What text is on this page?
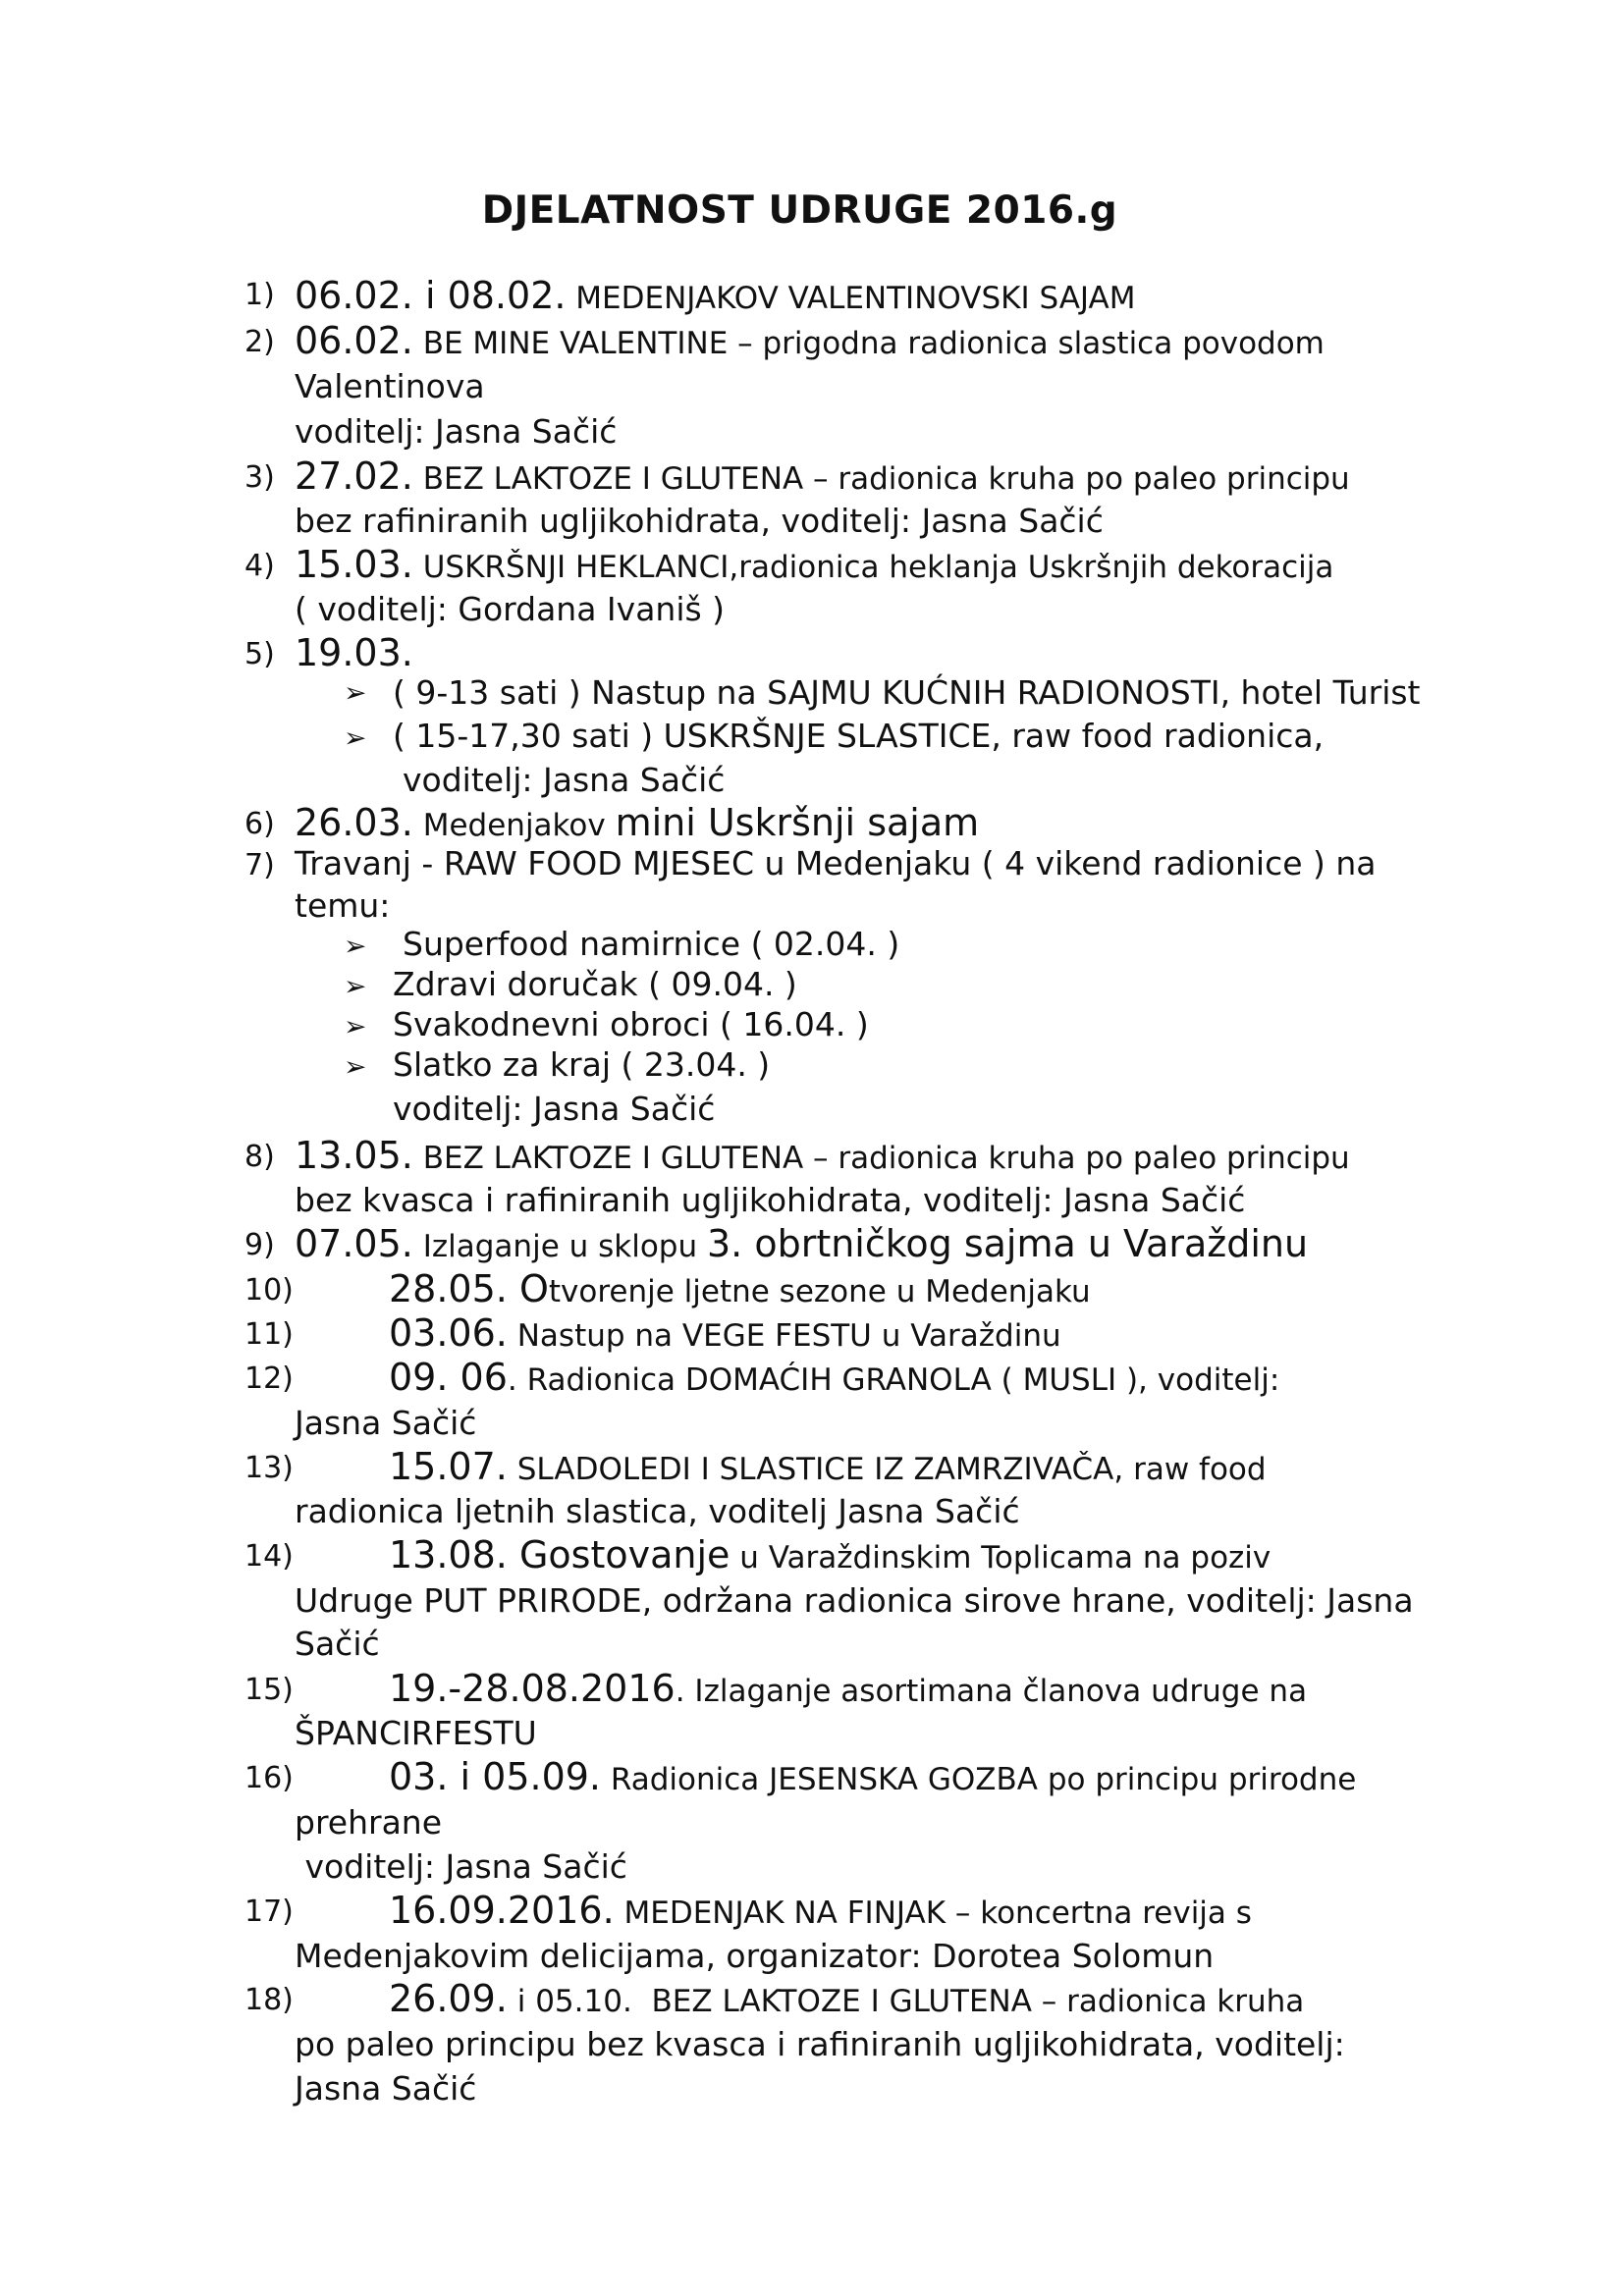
DJELATNOST UDRUGE 2016.g
1) 06.02. i 08.02. MEDENJAKOV VALENTINOVSKI SAJAM
2) 06.02. BE MINE VALENTINE – prigodna radionica slastica povodom
Valentinova
voditelj: Jasna Sačić
3) 27.02. BEZ LAKTOZE I GLUTENA – radionica kruha po paleo principu
bez rafiniranih ugljikohidrata, voditelj: Jasna Sačić
4) 15.03. USKRŠNJI HEKLANCI,radionica heklanja Uskršnjih dekoracija
( voditelj: Gordana Ivaniš )
5) 19.03.
➢ ( 9-13 sati ) Nastup na SAJMU KUĆNIH RADIONOSTI, hotel Turist
➢ ( 15-17,30 sati ) USKRŠNJE SLASTICE, raw food radionica,
voditelj: Jasna Sačić
6) 26.03. Medenjakov mini Uskršnji sajam
7) Travanj - RAW FOOD MJESEC u Medenjaku ( 4 vikend radionice ) na
temu:
➢ Superfood namirnice ( 02.04. )
➢ Zdravi doručak ( 09.04. )
➢ Svakodnevni obroci ( 16.04. )
➢ Slatko za kraj ( 23.04. )
voditelj: Jasna Sačić
8) 13.05. BEZ LAKTOZE I GLUTENA – radionica kruha po paleo principu
bez kvasca i rafiniranih ugljikohidrata, voditelj: Jasna Sačić
9) 07.05. Izlaganje u sklopu 3. obrtničkog sajma u Varaždinu
10)	28.05. Otvorenje ljetne sezone u Medenjaku
11)	03.06. Nastup na VEGE FESTU u Varaždinu
12)	09. 06. Radionica DOMAĆIH GRANOLA ( MUSLI ), voditelj:
Jasna Sačić
13)	15.07. SLADOLEDI I SLASTICE IZ ZAMRZIVAČA, raw food
radionica ljetnih slastica, voditelj Jasna Sačić
14)	13.08. Gostovanje u Varaždinskim Toplicama na poziv
Udruge PUT PRIRODE, održana radionica sirove hrane, voditelj: Jasna
Sačić
15)	19.-28.08.2016. Izlaganje asortimana članova udruge na
ŠPANCIRFESTU
16)	03. i 05.09. Radionica JESENSKA GOZBA po principu prirodne
prehrane
voditelj: Jasna Sačić
17)	16.09.2016. MEDENJAK NA FINJAK – koncertna revija s
Medenjakovim delicijama, organizator: Dorotea Solomun
18)	26.09. i 05.10.  BEZ LAKTOZE I GLUTENA – radionica kruha
po paleo principu bez kvasca i rafiniranih ugljikohidrata, voditelj:
Jasna Sačić
